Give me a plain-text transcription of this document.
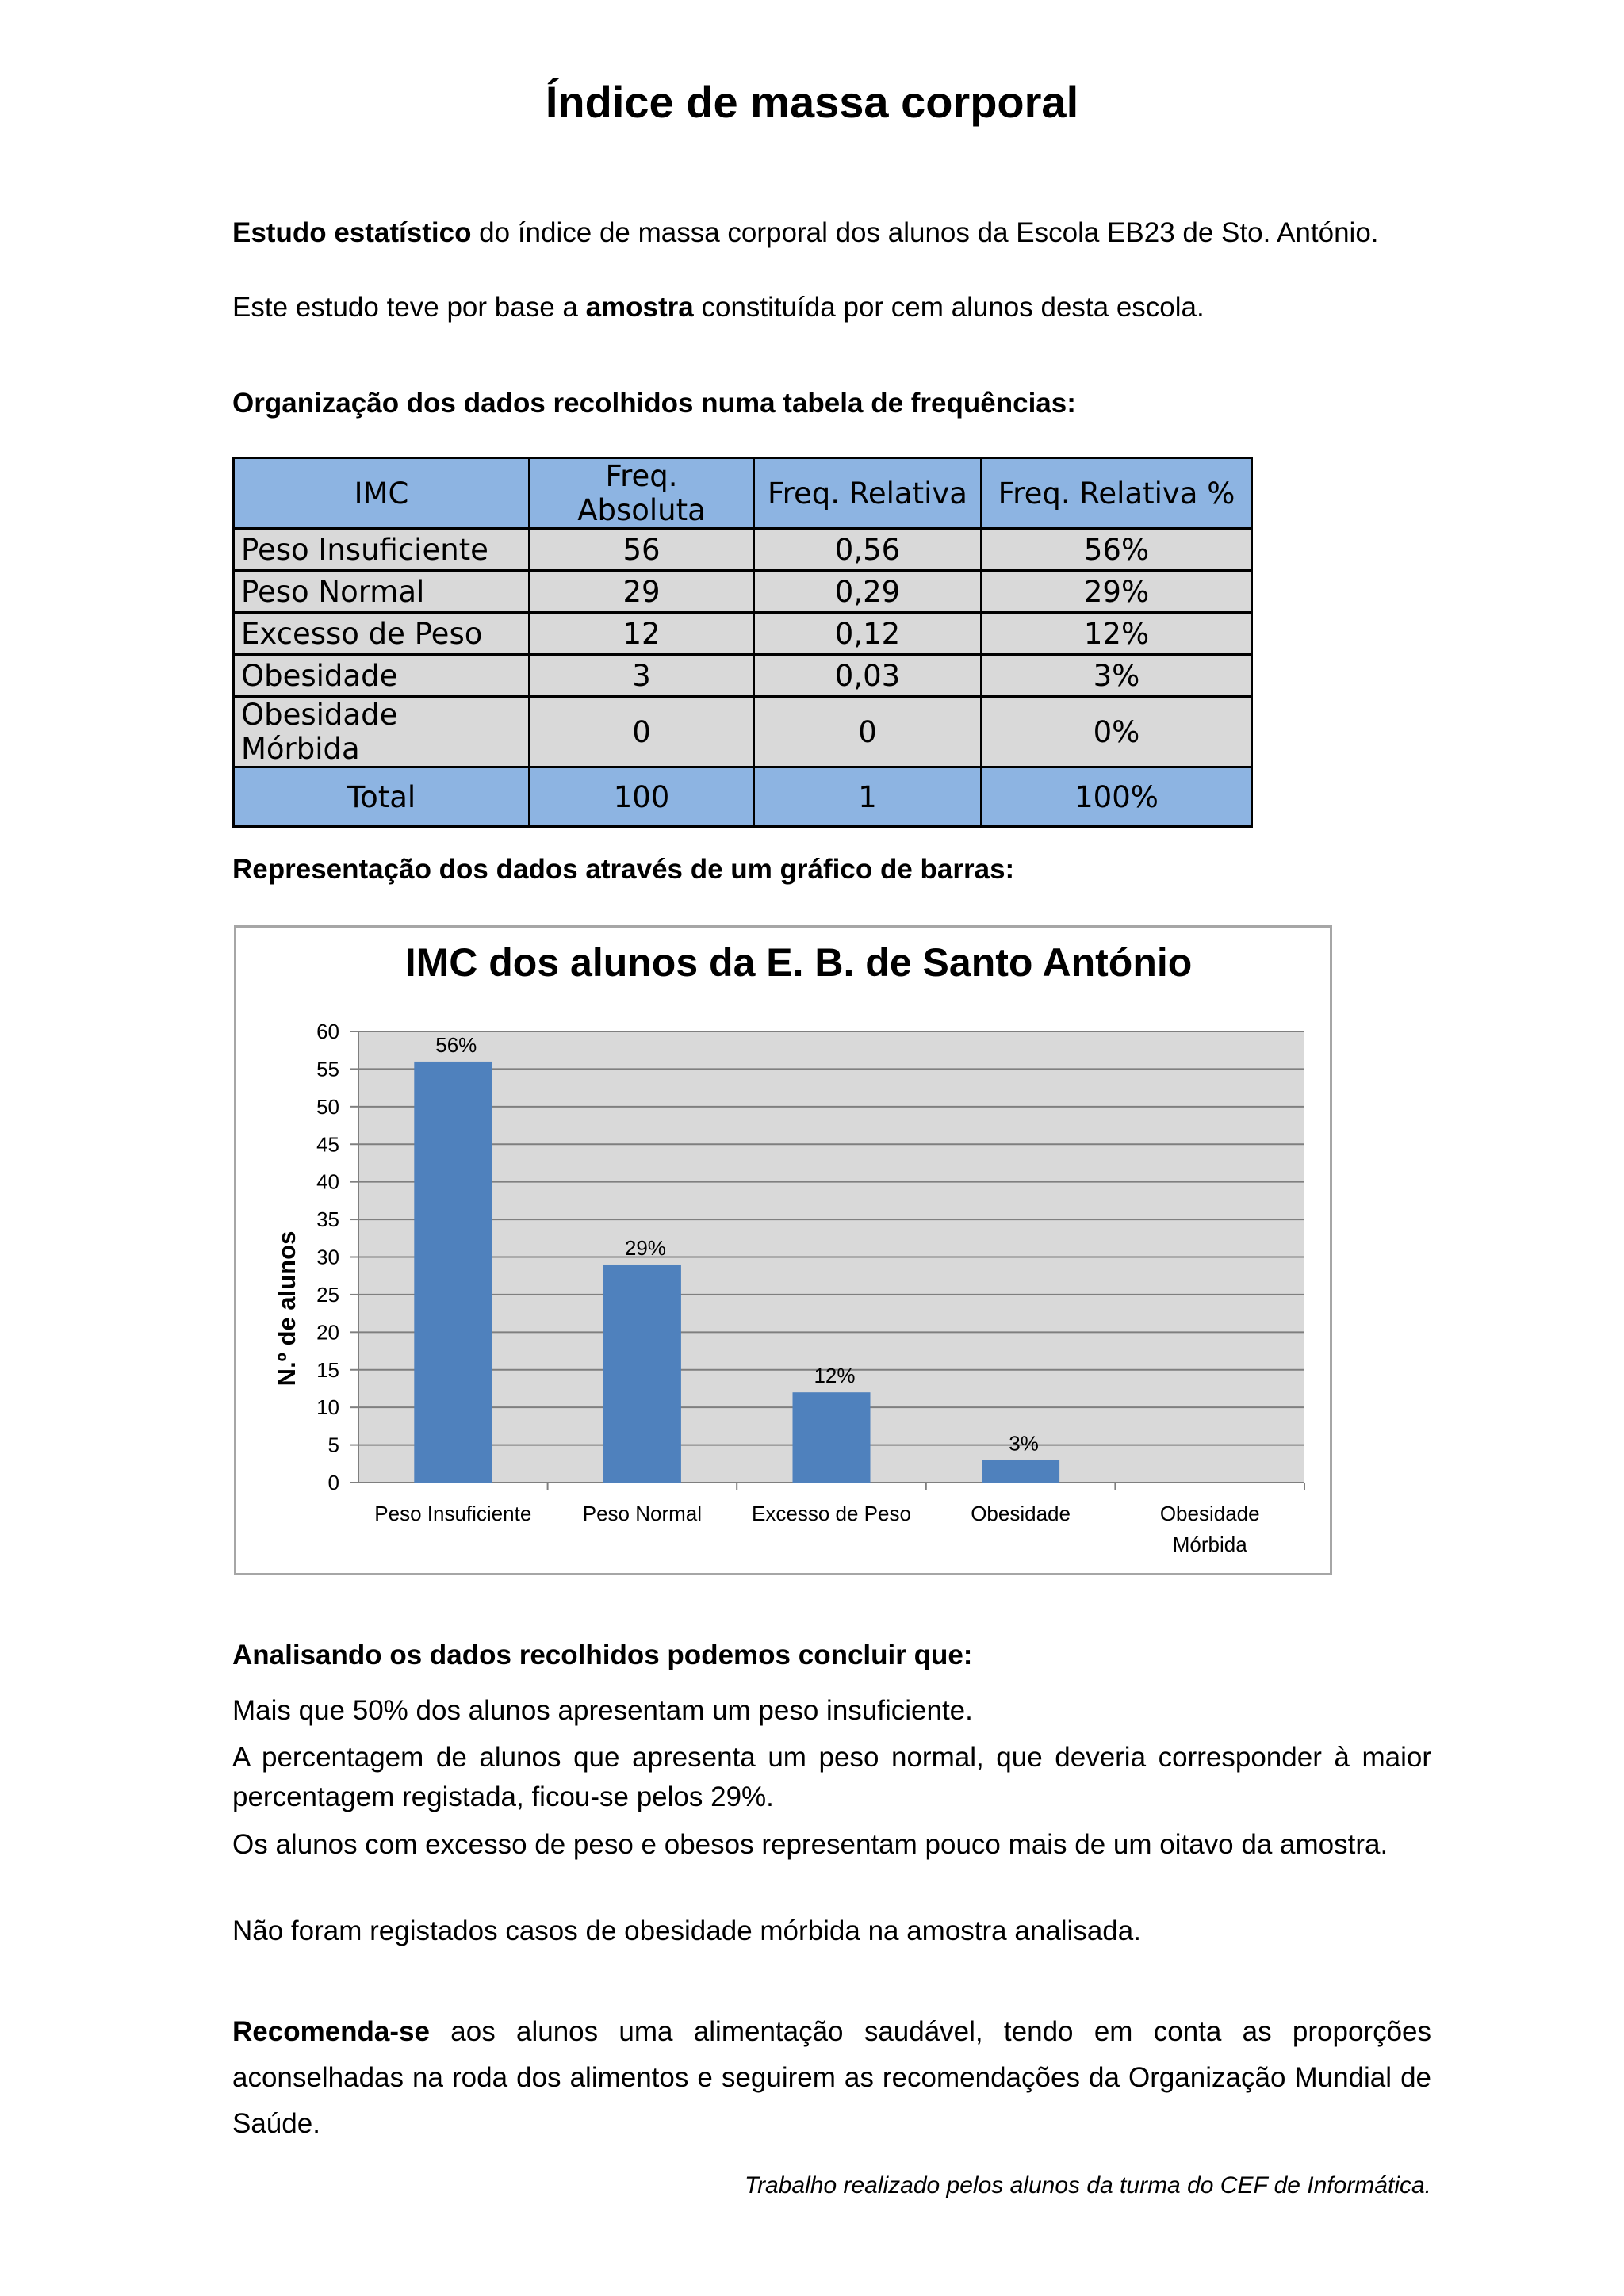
Índice de massa corporal
Estudo estatístico do índice de massa corporal dos alunos da Escola EB23 de Sto. António.
Este estudo teve por base a amostra constituída por cem alunos desta escola.
Organização dos dados recolhidos numa tabela de frequências:
IMC	Freq. Absoluta	Freq. Relativa	Freq. Relativa %
Peso Insuficiente	56	0,56	56%
Peso Normal	29	0,29	29%
Excesso de Peso	12	0,12	12%
Obesidade	3	0,03	3%
Obesidade Mórbida	0	0	0%
Total	100	1	100%
Representação dos dados através de um gráfico de barras:
0
5
10
15
20
25
30
35
40
45
50
55
60
56%
Peso Insuficiente
29%
Peso Normal
12%
Excesso de Peso
3%
Obesidade	Obesidade
Mórbida
IMC dos alunos da E. B. de Santo António
N.º de alunos
Analisando os dados recolhidos podemos concluir que:
Mais que 50% dos alunos apresentam um peso insuficiente.
A percentagem de alunos que apresenta um peso normal, que deveria corresponder à maior percentagem registada, ficou-se pelos 29%.
Os alunos com excesso de peso e obesos representam pouco mais de um oitavo da amostra.
Não foram registados casos de obesidade mórbida na amostra analisada.
Recomenda-se aos alunos uma alimentação saudável, tendo em conta as proporções aconselhadas na roda dos alimentos e seguirem as recomendações da Organização Mundial de Saúde.
Trabalho realizado pelos alunos da turma do CEF de Informática.
